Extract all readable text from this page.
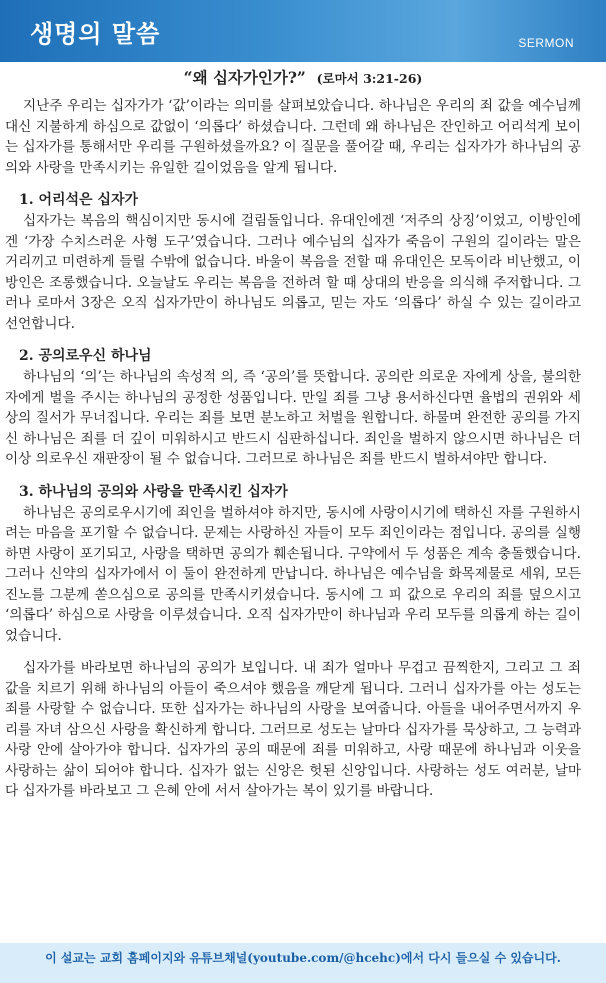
생명의 말씀	SERMON
“왜 십자가인가?” (로마서 3:21-26)

지난주 우리는 십자가가 ‘값’이라는 의미를 살펴보았습니다. 하나님은 우리의 죄 값을 예수님께 대신 지불하게 하심으로 값없이 ‘의롭다’ 하셨습니다. 그런데 왜 하나님은 잔인하고 어리석게 보이는 십자가를 통해서만 우리를 구원하셨을까요? 이 질문을 풀어갈 때, 우리는 십자가가 하나님의 공의와 사랑을 만족시키는 유일한 길이었음을 알게 됩니다.

1. 어리석은 십자가

십자가는 복음의 핵심이지만 동시에 걸림돌입니다. 유대인에겐 ‘저주의 상징’이었고, 이방인에겐 ‘가장 수치스러운 사형 도구’였습니다. 그러나 예수님의 십자가 죽음이 구원의 길이라는 말은 거리끼고 미련하게 들릴 수밖에 없습니다. 바울이 복음을 전할 때 유대인은 모독이라 비난했고, 이방인은 조롱했습니다. 오늘날도 우리는 복음을 전하려 할 때 상대의 반응을 의식해 주저합니다. 그러나 로마서 3장은 오직 십자가만이 하나님도 의롭고, 믿는 자도 ‘의롭다’ 하실 수 있는 길이라고 선언합니다.

2. 공의로우신 하나님

하나님의 ‘의’는 하나님의 속성적 의, 즉 ‘공의’를 뜻합니다. 공의란 의로운 자에게 상을, 불의한 자에게 벌을 주시는 하나님의 공정한 성품입니다. 만일 죄를 그냥 용서하신다면 율법의 권위와 세상의 질서가 무너집니다. 우리는 죄를 보면 분노하고 처벌을 원합니다. 하물며 완전한 공의를 가지신 하나님은 죄를 더 깊이 미워하시고 반드시 심판하십니다. 죄인을 벌하지 않으시면 하나님은 더 이상 의로우신 재판장이 될 수 없습니다. 그러므로 하나님은 죄를 반드시 벌하셔야만 합니다.

3. 하나님의 공의와 사랑을 만족시킨 십자가

하나님은 공의로우시기에 죄인을 벌하셔야 하지만, 동시에 사랑이시기에 택하신 자를 구원하시려는 마음을 포기할 수 없습니다. 문제는 사랑하신 자들이 모두 죄인이라는 점입니다. 공의를 실행하면 사랑이 포기되고, 사랑을 택하면 공의가 훼손됩니다. 구약에서 두 성품은 계속 충돌했습니다. 그러나 신약의 십자가에서 이 둘이 완전하게 만납니다. 하나님은 예수님을 화목제물로 세워, 모든 진노를 그분께 쏟으심으로 공의를 만족시키셨습니다. 동시에 그 피 값으로 우리의 죄를 덮으시고 ‘의롭다’ 하심으로 사랑을 이루셨습니다. 오직 십자가만이 하나님과 우리 모두를 의롭게 하는 길이었습니다.

십자가를 바라보면 하나님의 공의가 보입니다. 내 죄가 얼마나 무겁고 끔찍한지, 그리고 그 죄 값을 치르기 위해 하나님의 아들이 죽으셔야 했음을 깨닫게 됩니다. 그러니 십자가를 아는 성도는 죄를 사랑할 수 없습니다. 또한 십자가는 하나님의 사랑을 보여줍니다. 아들을 내어주면서까지 우리를 자녀 삼으신 사랑을 확신하게 합니다. 그러므로 성도는 날마다 십자가를 묵상하고, 그 능력과 사랑 안에 살아가야 합니다. 십자가의 공의 때문에 죄를 미워하고, 사랑 때문에 하나님과 이웃을 사랑하는 삶이 되어야 합니다. 십자가 없는 신앙은 헛된 신앙입니다. 사랑하는 성도 여러분, 날마다 십자가를 바라보고 그 은혜 안에 서서 살아가는 복이 있기를 바랍니다.

이 설교는 교회 홈페이지와 유튜브채널(youtube.com/@hcehc)에서 다시 들으실 수 있습니다.
